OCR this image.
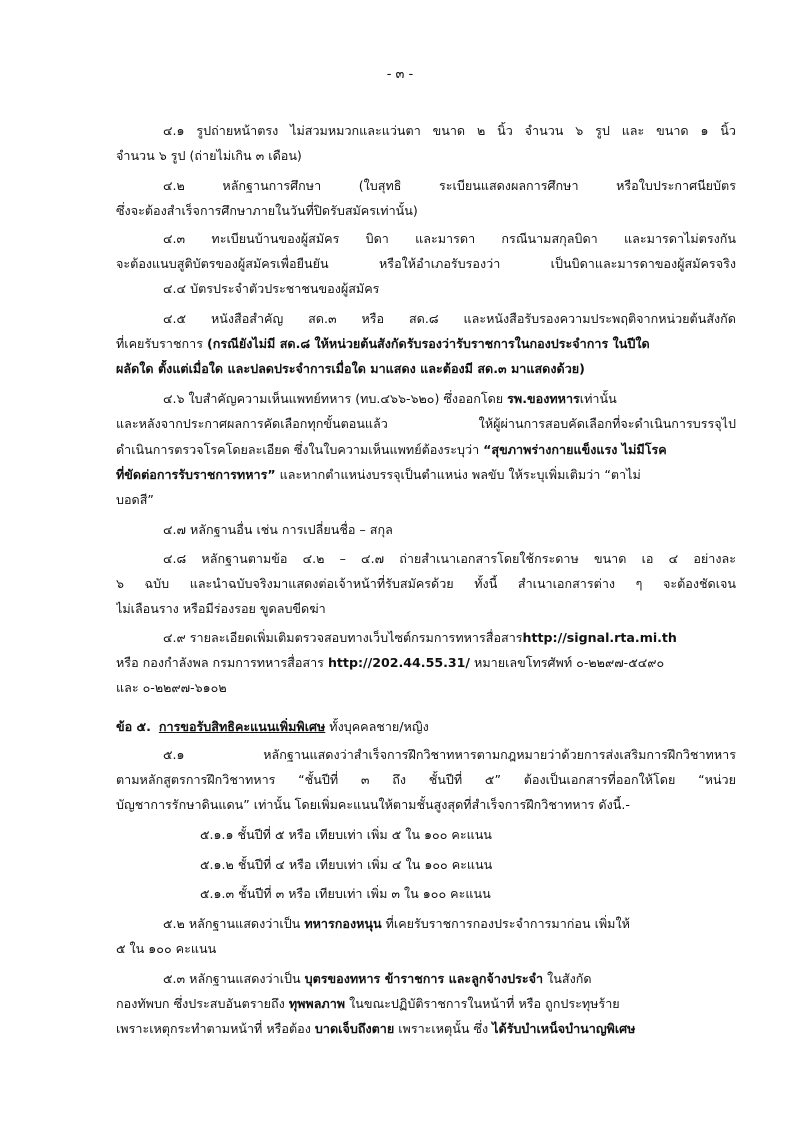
- ๓ -
๔.๑ รูปถ่ายหน้าตรง ไม่สวมหมวกและแว่นตา ขนาด ๒ นิ้ว จำนวน ๖ รูป และ ขนาด ๑ นิ้ว
จำนวน ๖ รูป (ถ่ายไม่เกิน ๓ เดือน)
๔.๒ หลักฐานการศึกษา (ใบสุทธิ ระเบียนแสดงผลการศึกษา หรือใบประกาศนียบัตร
ซึ่งจะต้องสำเร็จการศึกษาภายในวันที่ปิดรับสมัครเท่านั้น)
๔.๓ ทะเบียนบ้านของผู้สมัคร บิดา และมารดา กรณีนามสกุลบิดา และมารดาไม่ตรงกัน
จะต้องแนบสูติบัตรของผู้สมัครเพื่อยืนยัน หรือให้อำเภอรับรองว่า เป็นบิดาและมารดาของผู้สมัครจริง
๔.๔ บัตรประจำตัวประชาชนของผู้สมัคร
๔.๕ หนังสือสำคัญ สด.๓ หรือ สด.๘ และหนังสือรับรองความประพฤติจากหน่วยต้นสังกัด
ที่เคยรับราชการ (กรณียังไม่มี สด.๘ ให้หน่วยต้นสังกัดรับรองว่ารับราชการในกองประจำการ ในปีใด
ผลัดใด ตั้งแต่เมื่อใด และปลดประจำการเมื่อใด มาแสดง และต้องมี สด.๓ มาแสดงด้วย)
๔.๖ ใบสำคัญความเห็นแพทย์ทหาร (ทบ.๔๖๖-๖๒๐) ซึ่งออกโดย รพ.ของทหารเท่านั้น
และหลังจากประกาศผลการคัดเลือกทุกขั้นตอนแล้ว ให้ผู้ผ่านการสอบคัดเลือกที่จะดำเนินการบรรจุไป
ดำเนินการตรวจโรคโดยละเอียด ซึ่งในใบความเห็นแพทย์ต้องระบุว่า “สุขภาพร่างกายแข็งแรง ไม่มีโรค
ที่ขัดต่อการรับราชการทหาร” และหากตำแหน่งบรรจุเป็นตำแหน่ง พลขับ ให้ระบุเพิ่มเติมว่า “ตาไม่
บอดสี”
๔.๗ หลักฐานอื่น เช่น การเปลี่ยนชื่อ – สกุล
๔.๘ หลักฐานตามข้อ ๔.๒ – ๔.๗ ถ่ายสำเนาเอกสารโดยใช้กระดาษ ขนาด เอ ๔ อย่างละ
๖ ฉบับ และนำฉบับจริงมาแสดงต่อเจ้าหน้าที่รับสมัครด้วย ทั้งนี้ สำเนาเอกสารต่าง ๆ จะต้องชัดเจน
ไม่เลือนราง หรือมีร่องรอย ขูดลบขีดฆ่า
๔.๙ รายละเอียดเพิ่มเติมตรวจสอบทางเว็บไซต์กรมการทหารสื่อสารhttp://signal.rta.mi.th
หรือ กองกำลังพล กรมการทหารสื่อสาร http://202.44.55.31/ หมายเลขโทรศัพท์ ๐-๒๒๙๗-๕๔๙๐
และ ๐-๒๒๙๗-๖๑๐๒
ข้อ ๕. การขอรับสิทธิคะแนนเพิ่มพิเศษ ทั้งบุคคลชาย/หญิง
๕.๑ หลักฐานแสดงว่าสำเร็จการฝึกวิชาทหารตามกฎหมายว่าด้วยการส่งเสริมการฝึกวิชาทหาร
ตามหลักสูตรการฝึกวิชาทหาร “ชั้นปีที่ ๓ ถึง ชั้นปีที่ ๕” ต้องเป็นเอกสารที่ออกให้โดย “หน่วย
บัญชาการรักษาดินแดน” เท่านั้น โดยเพิ่มคะแนนให้ตามชั้นสูงสุดที่สำเร็จการฝึกวิชาทหาร ดังนี้.-
๕.๑.๑ ชั้นปีที่ ๕ หรือ เทียบเท่า เพิ่ม ๕ ใน ๑๐๐ คะแนน
๕.๑.๒ ชั้นปีที่ ๔ หรือ เทียบเท่า เพิ่ม ๔ ใน ๑๐๐ คะแนน
๕.๑.๓ ชั้นปีที่ ๓ หรือ เทียบเท่า เพิ่ม ๓ ใน ๑๐๐ คะแนน
๕.๒ หลักฐานแสดงว่าเป็น ทหารกองหนุน ที่เคยรับราชการกองประจำการมาก่อน เพิ่มให้
๕ ใน ๑๐๐ คะแนน
๕.๓ หลักฐานแสดงว่าเป็น บุตรของทหาร ข้าราชการ และลูกจ้างประจำ ในสังกัด
กองทัพบก ซึ่งประสบอันตรายถึง ทุพพลภาพ ในขณะปฏิบัติราชการในหน้าที่ หรือ ถูกประทุษร้าย
เพราะเหตุกระทำตามหน้าที่ หรือต้อง บาดเจ็บถึงตาย เพราะเหตุนั้น ซึ่ง ได้รับบำเหน็จบำนาญพิเศษ
